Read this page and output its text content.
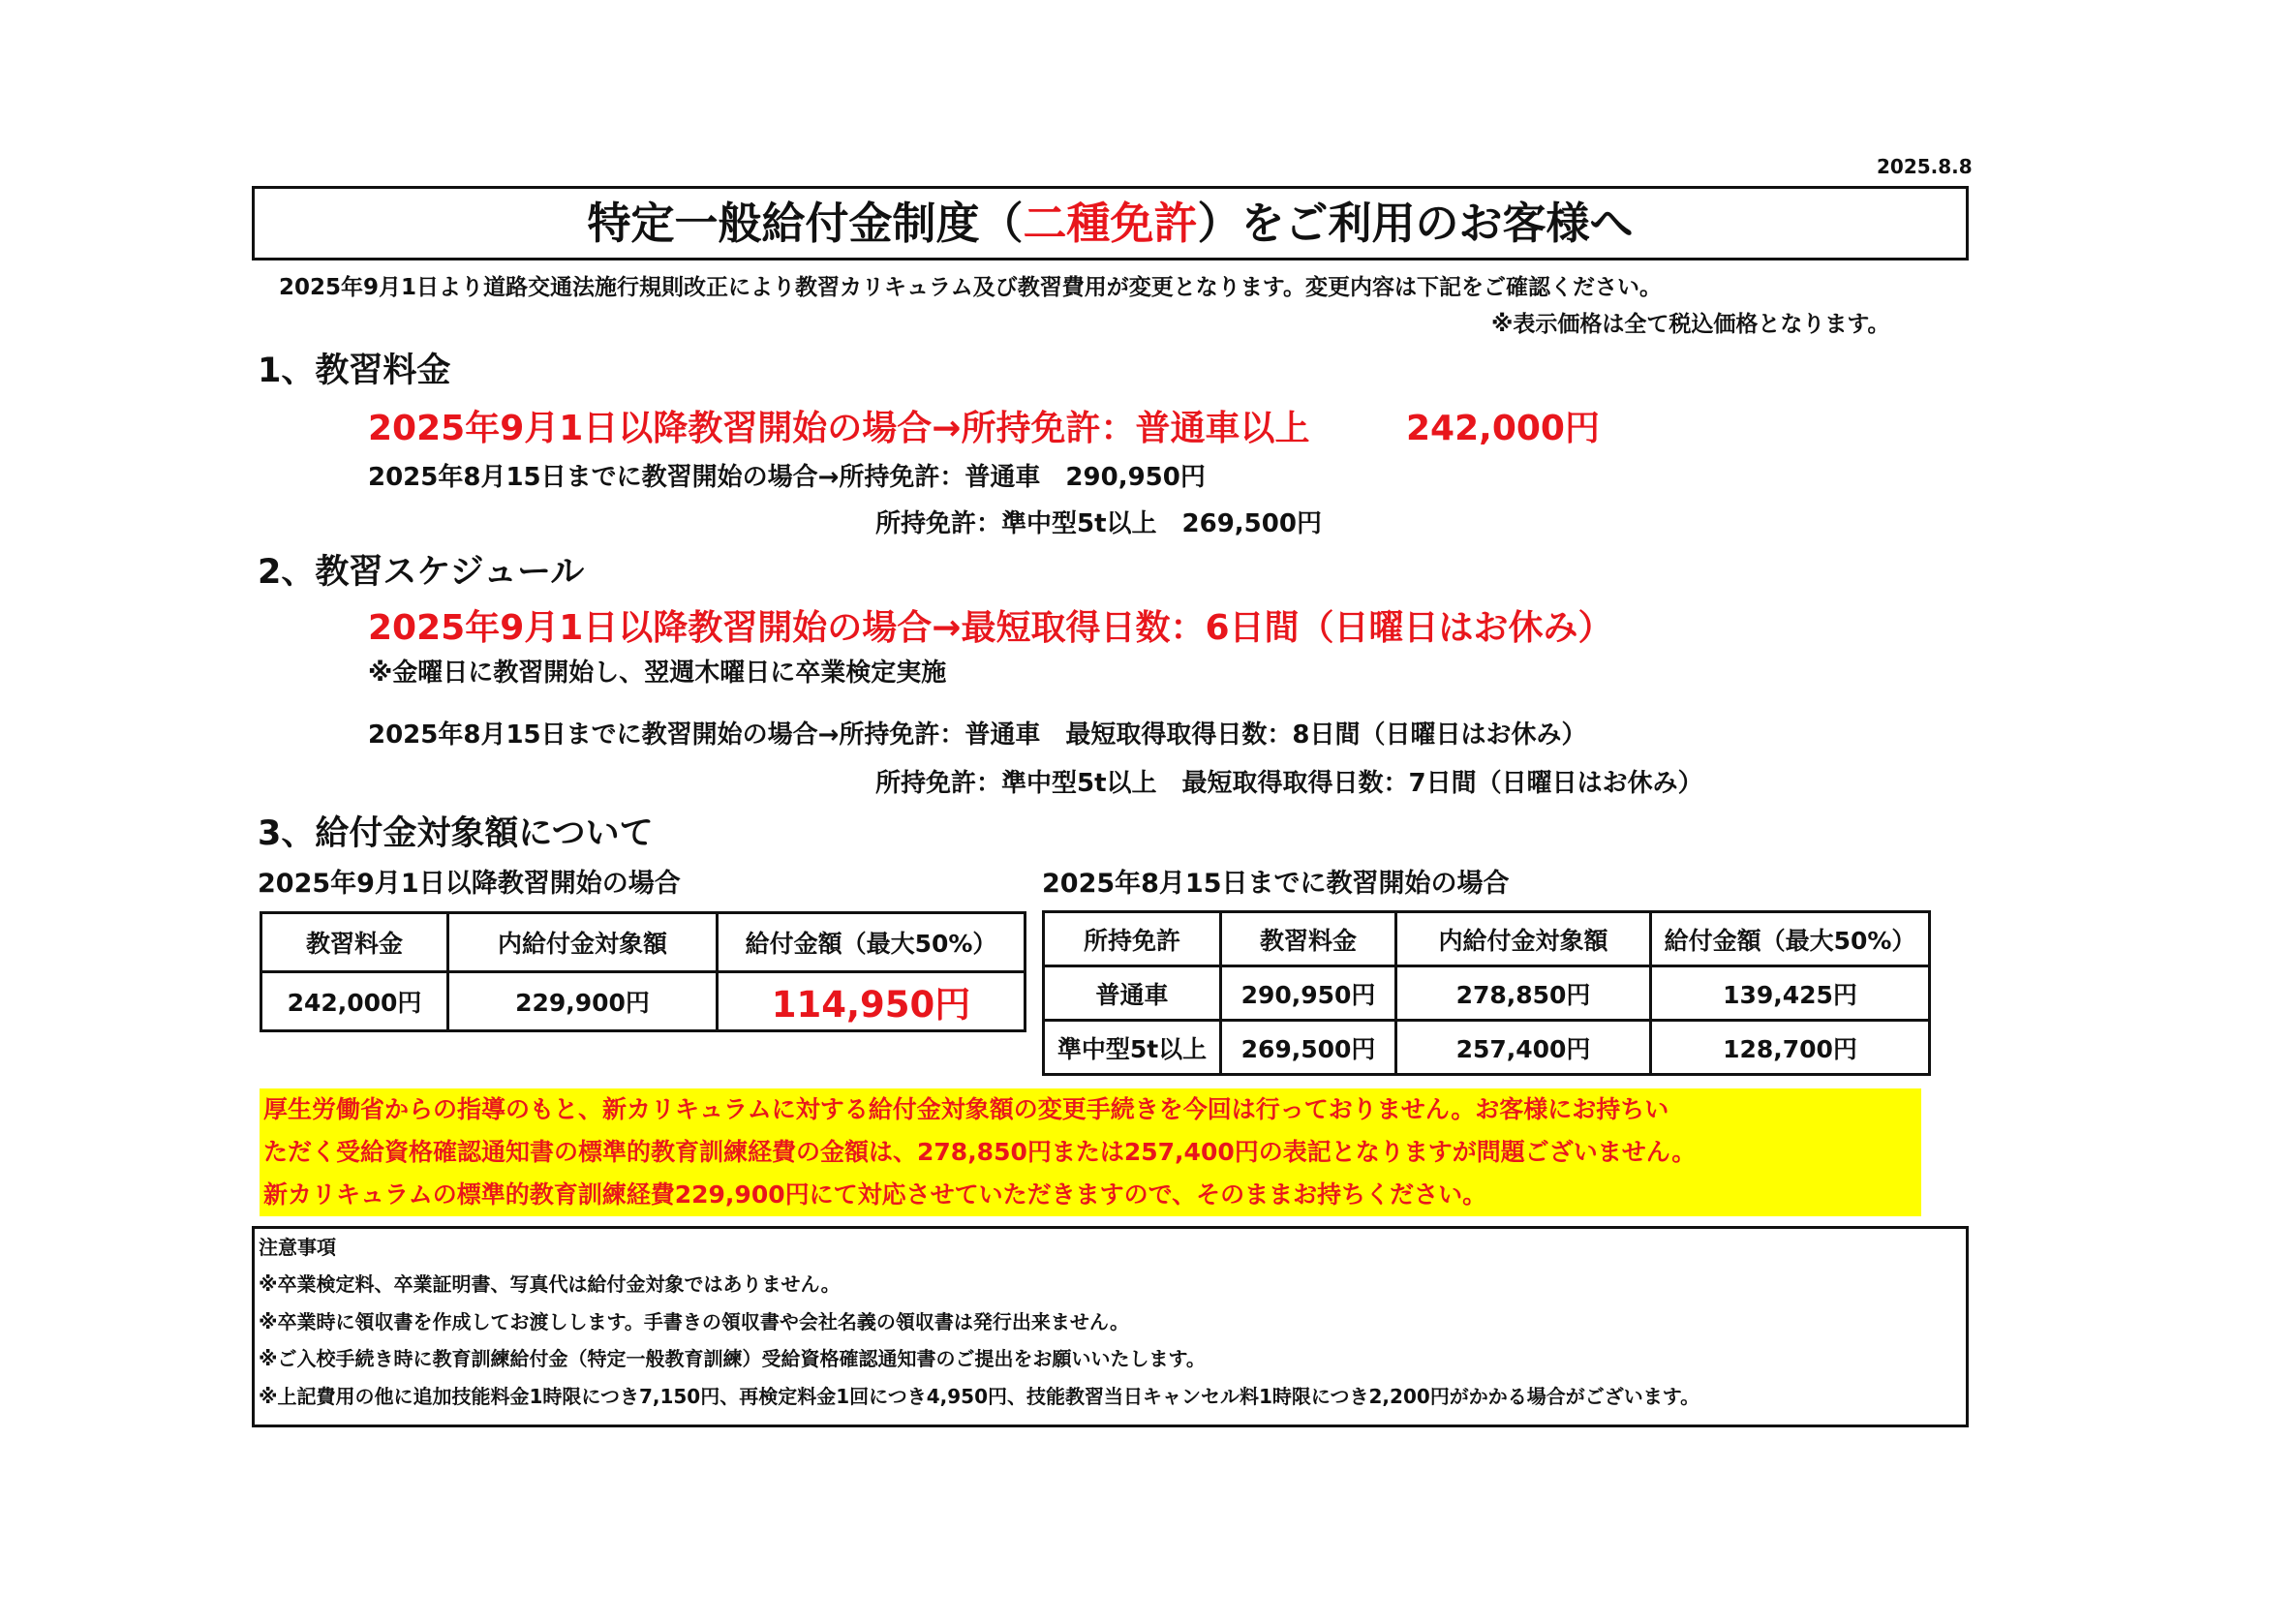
2025.8.8
特定一般給付金制度（二種免許）をご利用のお客様へ
2025年9月1日より道路交通法施行規則改正により教習カリキュラム及び教習費用が変更となります。変更内容は下記をご確認ください。
※表示価格は全て税込価格となります。
1、教習料金
2025年9月1日以降教習開始の場合→所持免許：普通車以上	242,000円
2025年8月15日までに教習開始の場合→所持免許：普通車　290,950円
所持免許：準中型5t以上　269,500円
2、教習スケジュール
2025年9月1日以降教習開始の場合→最短取得日数：6日間（日曜日はお休み）
※金曜日に教習開始し、翌週木曜日に卒業検定実施
2025年8月15日までに教習開始の場合→所持免許：普通車　最短取得取得日数：8日間（日曜日はお休み）
所持免許：準中型5t以上　最短取得取得日数：7日間（日曜日はお休み）
3、給付金対象額について
2025年9月1日以降教習開始の場合	2025年8月15日までに教習開始の場合
教習料金	内給付金対象額	給付金額（最大50%）
242,000円	229,900円	114,950円
所持免許	教習料金	内給付金対象額	給付金額（最大50%）
普通車	290,950円	278,850円	139,425円
準中型5t以上	269,500円	257,400円	128,700円
厚生労働省からの指導のもと、新カリキュラムに対する給付金対象額の変更手続きを今回は行っておりません。お客様にお持ちい
ただく受給資格確認通知書の標準的教育訓練経費の金額は、278,850円または257,400円の表記となりますが問題ございません。
新カリキュラムの標準的教育訓練経費229,900円にて対応させていただきますので、そのままお持ちください。
注意事項
※卒業検定料、卒業証明書、写真代は給付金対象ではありません。
※卒業時に領収書を作成してお渡しします。手書きの領収書や会社名義の領収書は発行出来ません。
※ご入校手続き時に教育訓練給付金（特定一般教育訓練）受給資格確認通知書のご提出をお願いいたします。
※上記費用の他に追加技能料金1時限につき7,150円、再検定料金1回につき4,950円、技能教習当日キャンセル料1時限につき2,200円がかかる場合がございます。
